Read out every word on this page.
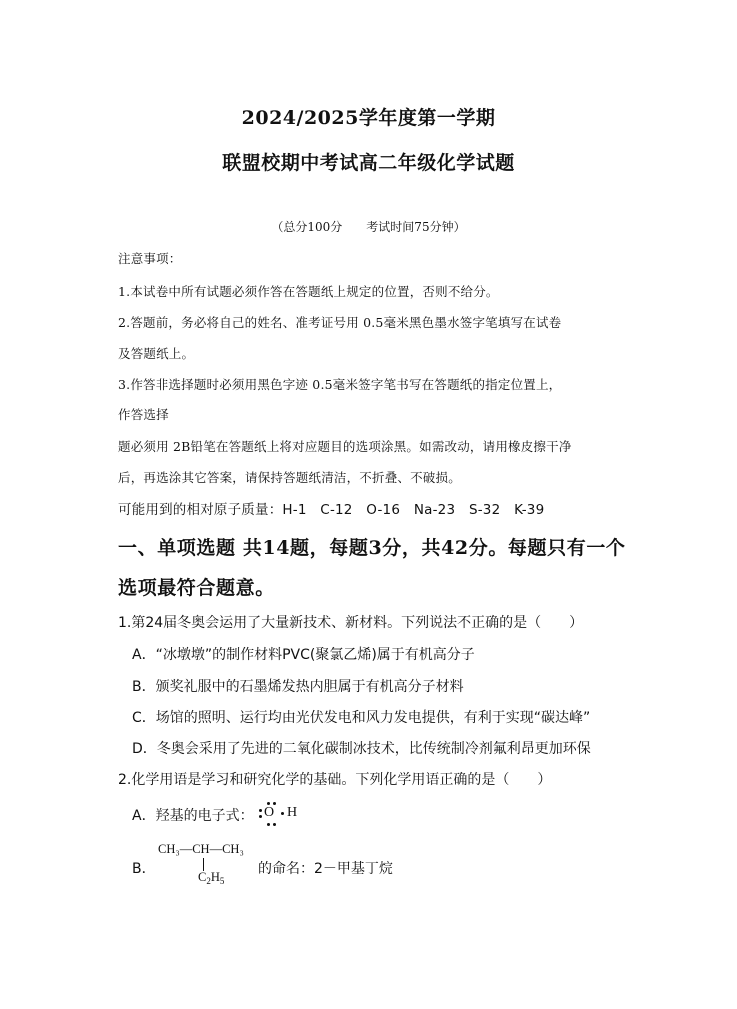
2024/2025学年度第一学期
联盟校期中考试高二年级化学试题
（总分100分　　考试时间75分钟）
注意事项：
1.本试卷中所有试题必须作答在答题纸上规定的位置，否则不给分。
2.答题前，务必将自己的姓名、准考证号用 0.5毫米黑色墨水签字笔填写在试卷
及答题纸上。
3.作答非选择题时必须用黑色字迹 0.5毫米签字笔书写在答题纸的指定位置上，
作答选择
题必须用 2B铅笔在答题纸上将对应题目的选项涂黑。如需改动，请用橡皮擦干净
后，再选涂其它答案，请保持答题纸清洁，不折叠、不破损。
可能用到的相对原子质量：H-1　C-12　O-16　Na-23　S-32　K-39
一、单项选题 共14题，每题3分，共42分。每题只有一个
选项最符合题意。
1.第24届冬奥会运用了大量新技术、新材料。下列说法不正确的是（　　）
A．“冰墩墩”的制作材料PVC(聚氯乙烯)属于有机高分子
B．颁奖礼服中的石墨烯发热内胆属于有机高分子材料
C．场馆的照明、运行均由光伏发电和风力发电提供，有利于实现“碳达峰”
D．冬奥会采用了先进的二氧化碳制冰技术，比传统制冷剂氟利昂更加环保
2.化学用语是学习和研究化学的基础。下列化学用语正确的是（　　）
A．羟基的电子式： O H
B．
CH₃—CH—CH₃
$C_2H_5$
的命名：2－甲基丁烷
